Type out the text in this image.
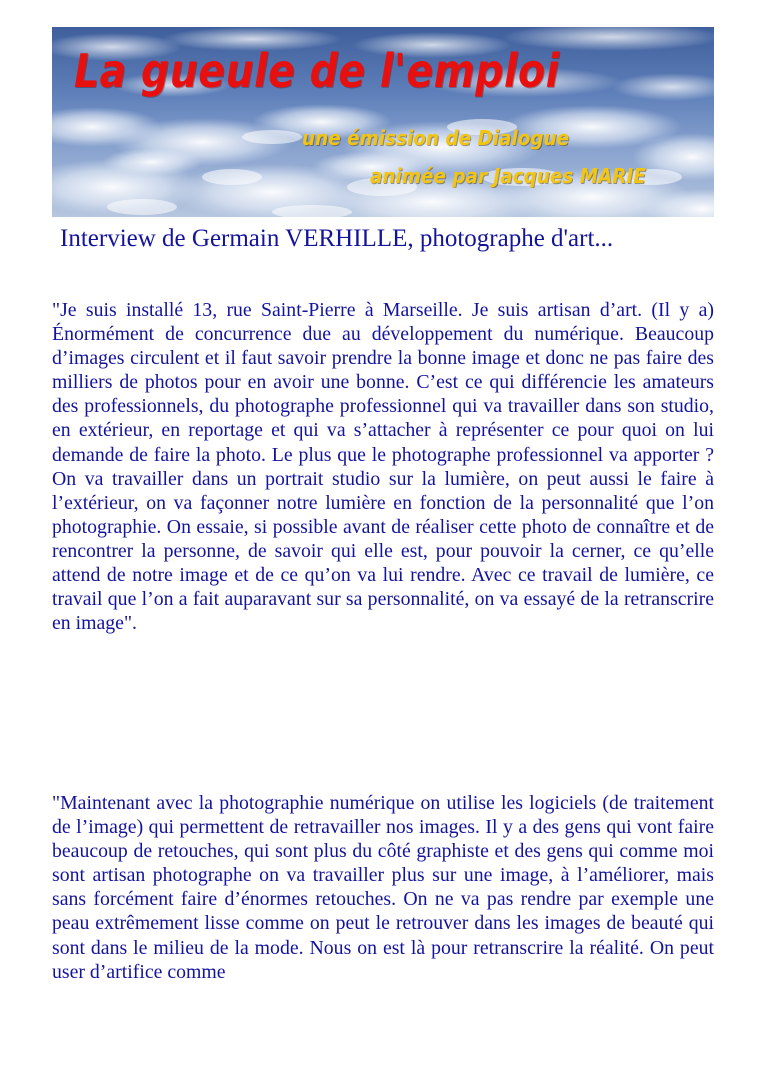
La gueule de l'emploi
une émission de Dialogue
animée par Jacques MARIE
Interview de Germain VERHILLE, photographe d'art...

"Je suis installé 13, rue Saint-Pierre à Marseille. Je suis artisan d’art. (Il y a) Énormément de concurrence due au développement du numérique. Beaucoup d’images circulent et il faut savoir prendre la bonne image et donc ne pas faire des milliers de photos pour en avoir une bonne. C’est ce qui différencie les amateurs des professionnels, du photographe professionnel qui va travailler dans son studio, en extérieur, en reportage et qui va s’attacher à représenter ce pour quoi on lui demande de faire la photo. Le plus que le photographe professionnel va apporter ? On va travailler dans un portrait studio sur la lumière, on peut aussi le faire à l’extérieur, on va façonner notre lumière en fonction de la personnalité que l’on photographie. On essaie, si possible avant de réaliser cette photo de connaître et de rencontrer la personne, de savoir qui elle est, pour pouvoir la cerner, ce qu’elle attend de notre image et de ce qu’on va lui rendre. Avec ce travail de lumière, ce travail que l’on a fait auparavant sur sa personnalité, on va essayé de la retranscrire en image".

"Maintenant avec la photographie numérique on utilise les logiciels (de traitement de l’image) qui permettent de retravailler nos images. Il y a des gens qui vont faire beaucoup de retouches, qui sont plus du côté graphiste et des gens qui comme moi sont artisan photographe on va travailler plus sur une image, à l’améliorer, mais sans forcément faire d’énormes retouches. On ne va pas rendre par exemple une peau extrêmement lisse comme on peut le retrouver dans les images de beauté qui sont dans le milieu de la mode. Nous on est là pour retranscrire la réalité. On peut user d’artifice comme
